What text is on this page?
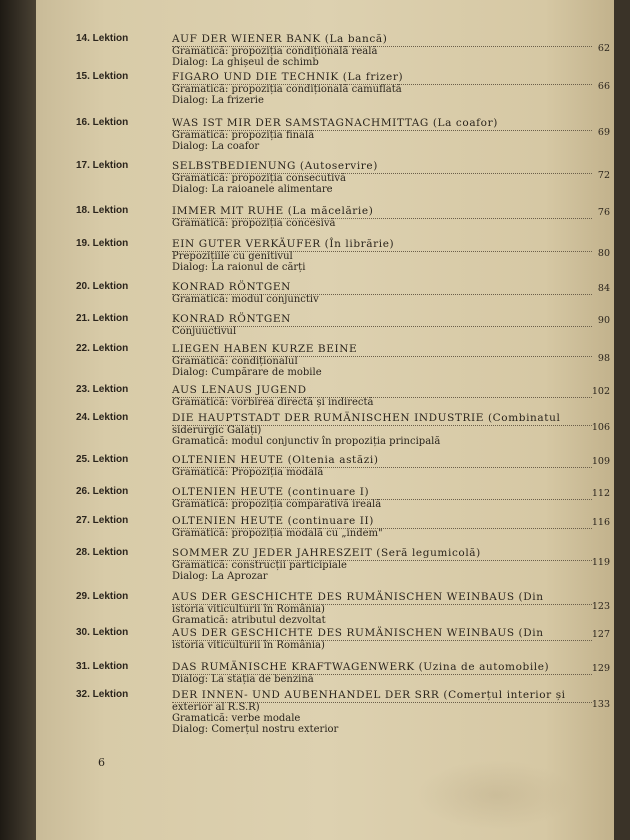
14. Lektion	AUF DER WIENER BANK (La bancă)
Gramatică: propoziția condițională reală
Dialog: La ghișeul de schimb
62
15. Lektion	FIGARO UND DIE TECHNIK (La frizer)
Gramatică: propoziția condițională camuflată
Dialog: La frizerie
66
16. Lektion	WAS IST MIR DER SAMSTAGNACHMITTAG (La coafor)
Gramatică: propoziția finală
Dialog: La coafor
69
17. Lektion	SELBSTBEDIENUNG (Autoservire)
Gramatică: propoziția consecutivă
Dialog: La raioanele alimentare
72
18. Lektion	IMMER MIT RUHE (La măcelărie)
Gramatică: propoziția concesivă
76
19. Lektion	EIN GUTER VERKÄUFER (În librărie)
Prepozițiile cu genitivul
Dialog: La raionul de cărți
80
20. Lektion	KONRAD RÖNTGEN
Gramatică: modul conjunctiv
84
21. Lektion	KONRAD RÖNTGEN
Conjuuctivul
90
22. Lektion	LIEGEN HABEN KURZE BEINE
Gramatică: condiționalul
Dialog: Cumpărare de mobile
98
23. Lektion	AUS LENAUS JUGEND
Gramatică: vorbirea directă și indirectă
102
24. Lektion	DIE HAUPTSTADT DER RUMÄNISCHEN INDUSTRIE (Combinatul
siderurgic Galați)
Gramatică: modul conjunctiv în propoziția principală
106
25. Lektion	OLTENIEN HEUTE (Oltenia astăzi)
Gramatică: Propoziția modală
109
26. Lektion	OLTENIEN HEUTE (continuare I)
Gramatică: propoziția comparativă ireală
112
27. Lektion	OLTENIEN HEUTE (continuare II)
Gramatică: propoziția modală cu „indem"
116
28. Lektion	SOMMER ZU JEDER JAHRESZEIT (Seră legumicolă)
Gramatică: construcții participiale
Dialog: La Aprozar
119
29. Lektion	AUS DER GESCHICHTE DES RUMÄNISCHEN WEINBAUS (Din
istoria viticulturii în România)
Gramatică: atributul dezvoltat
123
30. Lektion	AUS DER GESCHICHTE DES RUMÄNISCHEN WEINBAUS (Din
istoria viticulturii în România)
127
31. Lektion	DAS RUMÄNISCHE KRAFTWAGENWERK (Uzina de automobile)
Dialog: La stația de benzină
129
32. Lektion	DER INNEN- UND AUBENHANDEL DER SRR (Comerțul interior și
exterior al R.S.R)
Gramatică: verbe modale
Dialog: Comerțul nostru exterior
133
6
